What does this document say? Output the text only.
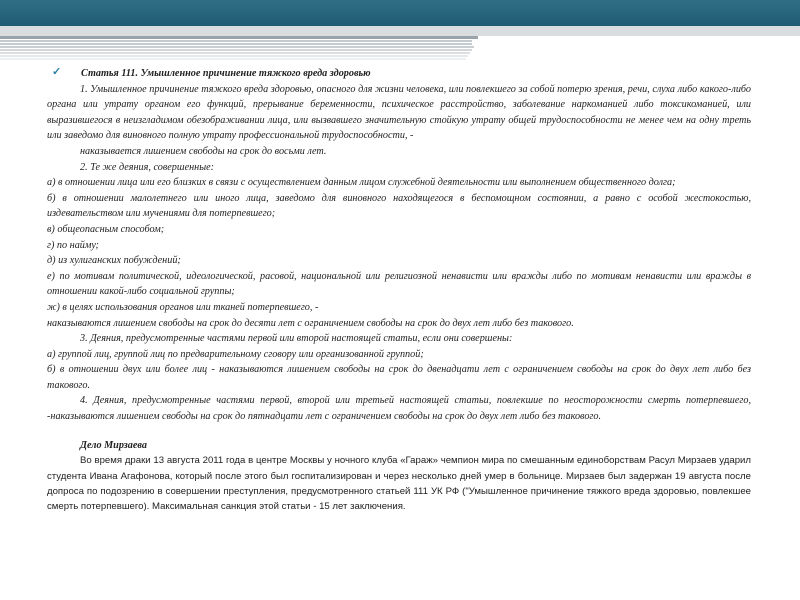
✓ Статья 111. Умышленное причинение тяжкого вреда здоровью

1. Умышленное причинение тяжкого вреда здоровью, опасного для жизни человека, или повлекшего за собой потерю зрения, речи, слуха либо какого-либо органа или утрату органом его функций, прерывание беременности, психическое расстройство, заболевание наркоманией либо токсикоманией, или выразившегося в неизгладимом обезображивании лица, или вызвавшего значительную стойкую утрату общей трудоспособности не менее чем на одну треть или заведомо для виновного полную утрату профессиональной трудоспособности, -

наказывается лишением свободы на срок до восьми лет.

2. Те же деяния, совершенные:

а) в отношении лица или его близких в связи с осуществлением данным лицом служебной деятельности или выполнением общественного долга;

б) в отношении малолетнего или иного лица, заведомо для виновного находящегося в беспомощном состоянии, а равно с особой жестокостью, издевательством или мучениями для потерпевшего;

в) общеопасным способом;

г) по найму;

д) из хулиганских побуждений;

е) по мотивам политической, идеологической, расовой, национальной или религиозной ненависти или вражды либо по мотивам ненависти или вражды в отношении какой-либо социальной группы;

ж) в целях использования органов или тканей потерпевшего, -

наказываются лишением свободы на срок до десяти лет с ограничением свободы на срок до двух лет либо без такового.

3. Деяния, предусмотренные частями первой или второй настоящей статьи, если они совершены:

а) группой лиц, группой лиц по предварительному сговору или организованной группой;

б) в отношении двух или более лиц - наказываются лишением свободы на срок до двенадцати лет с ограничением свободы на срок до двух лет либо без такового.

4. Деяния, предусмотренные частями первой, второй или третьей настоящей статьи, повлекшие по неосторожности смерть потерпевшего, -наказываются лишением свободы на срок до пятнадцати лет с ограничением свободы на срок до двух лет либо без такового.

Дело Мирзаева

Во время драки 13 августа 2011 года в центре Москвы у ночного клуба «Гараж» чемпион мира по смешанным единоборствам Расул Мирзаев ударил студента Ивана Агафонова, который после этого был госпитализирован и через несколько дней умер в больнице. Мирзаев был задержан 19 августа после допроса по подозрению в совершении преступления, предусмотренного статьей 111 УК РФ ("Умышленное причинение тяжкого вреда здоровью, повлекшее смерть потерпевшего). Максимальная санкция этой статьи - 15 лет заключения.
